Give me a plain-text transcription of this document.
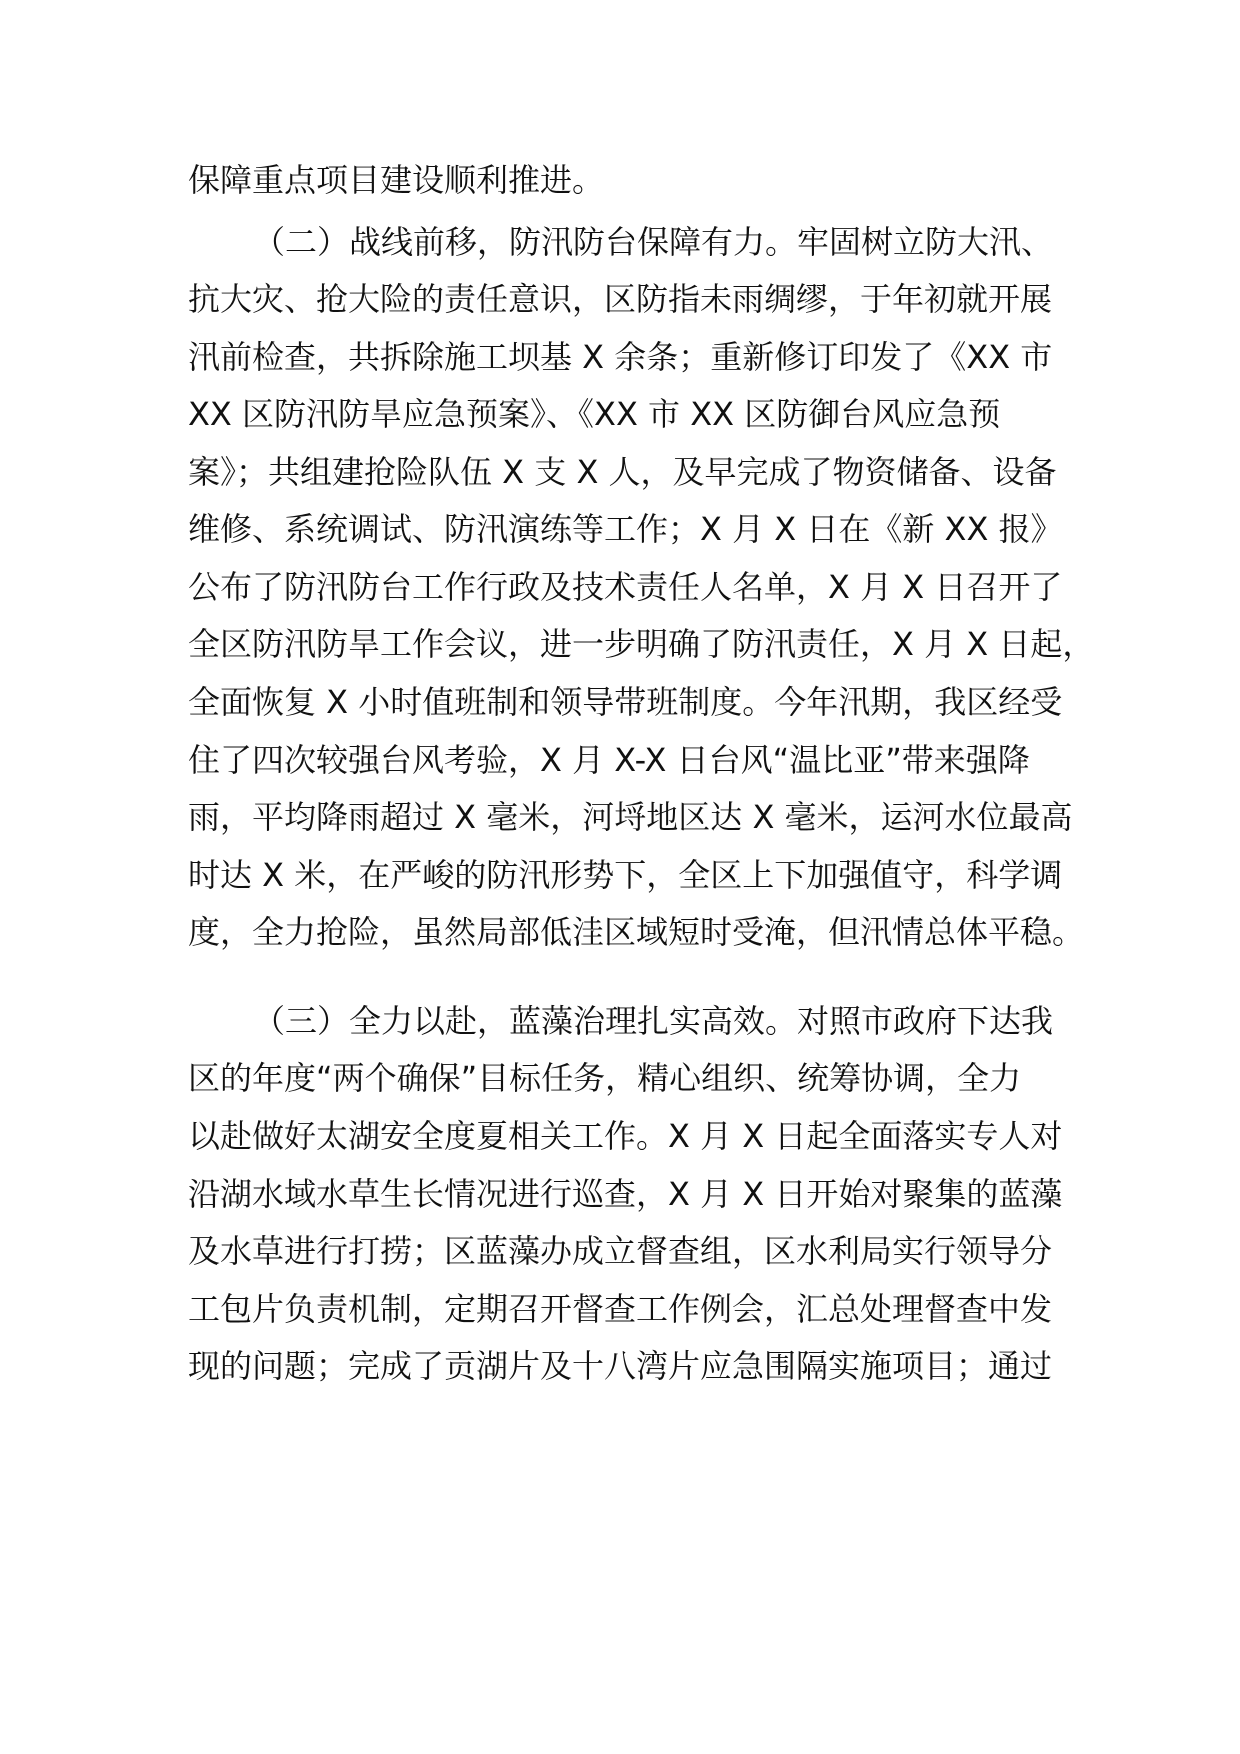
保障重点项目建设顺利推进。
（二）战线前移，防汛防台保障有力。牢固树立防大汛、
抗大灾、抢大险的责任意识，区防指未雨绸缪，于年初就开展
汛前检查，共拆除施工坝基 X 余条；重新修订印发了《XX 市
XX 区防汛防旱应急预案》、《XX 市 XX 区防御台风应急预
案》；共组建抢险队伍 X 支 X 人，及早完成了物资储备、设备
维修、系统调试、防汛演练等工作；X 月 X 日在《新 XX 报》
公布了防汛防台工作行政及技术责任人名单，X 月 X 日召开了
全区防汛防旱工作会议，进一步明确了防汛责任，X 月 X 日起，
全面恢复 X 小时值班制和领导带班制度。今年汛期，我区经受
住了四次较强台风考验，X 月 X-X 日台风“温比亚”带来强降
雨，平均降雨超过 X 毫米，河埒地区达 X 毫米，运河水位最高
时达 X 米，在严峻的防汛形势下，全区上下加强值守，科学调
度，全力抢险，虽然局部低洼区域短时受淹，但汛情总体平稳。
（三）全力以赴，蓝藻治理扎实高效。对照市政府下达我
区的年度“两个确保”目标任务，精心组织、统筹协调，全力
以赴做好太湖安全度夏相关工作。X 月 X 日起全面落实专人对
沿湖水域水草生长情况进行巡查，X 月 X 日开始对聚集的蓝藻
及水草进行打捞；区蓝藻办成立督查组，区水利局实行领导分
工包片负责机制，定期召开督查工作例会，汇总处理督查中发
现的问题；完成了贡湖片及十八湾片应急围隔实施项目；通过
